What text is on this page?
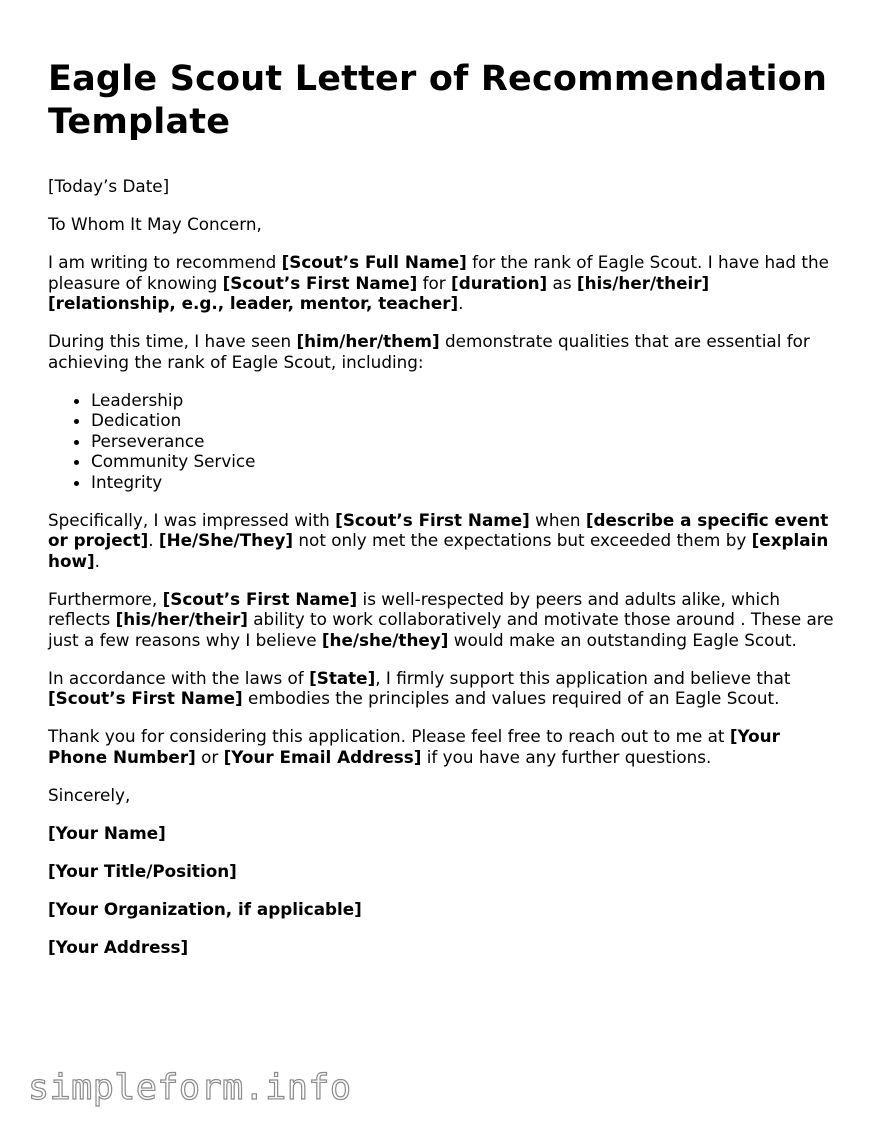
Eagle Scout Letter of Recommendation Template

[Today’s Date]

To Whom It May Concern,

I am writing to recommend [Scout’s Full Name] for the rank of Eagle Scout. I have had the pleasure of knowing [Scout’s First Name] for [duration] as [his/her/their] [relationship, e.g., leader, mentor, teacher].

During this time, I have seen [him/her/them] demonstrate qualities that are essential for achieving the rank of Eagle Scout, including:

• Leadership
• Dedication
• Perseverance
• Community Service
• Integrity

Specifically, I was impressed with [Scout’s First Name] when [describe a specific event or project]. [He/She/They] not only met the expectations but exceeded them by [explain how].

Furthermore, [Scout’s First Name] is well-respected by peers and adults alike, which reflects [his/her/their] ability to work collaboratively and motivate those around . These are just a few reasons why I believe [he/she/they] would make an outstanding Eagle Scout.

In accordance with the laws of [State], I firmly support this application and believe that [Scout’s First Name] embodies the principles and values required of an Eagle Scout.

Thank you for considering this application. Please feel free to reach out to me at [Your Phone Number] or [Your Email Address] if you have any further questions.

Sincerely,

[Your Name]

[Your Title/Position]

[Your Organization, if applicable]

[Your Address]

simpleform.info
